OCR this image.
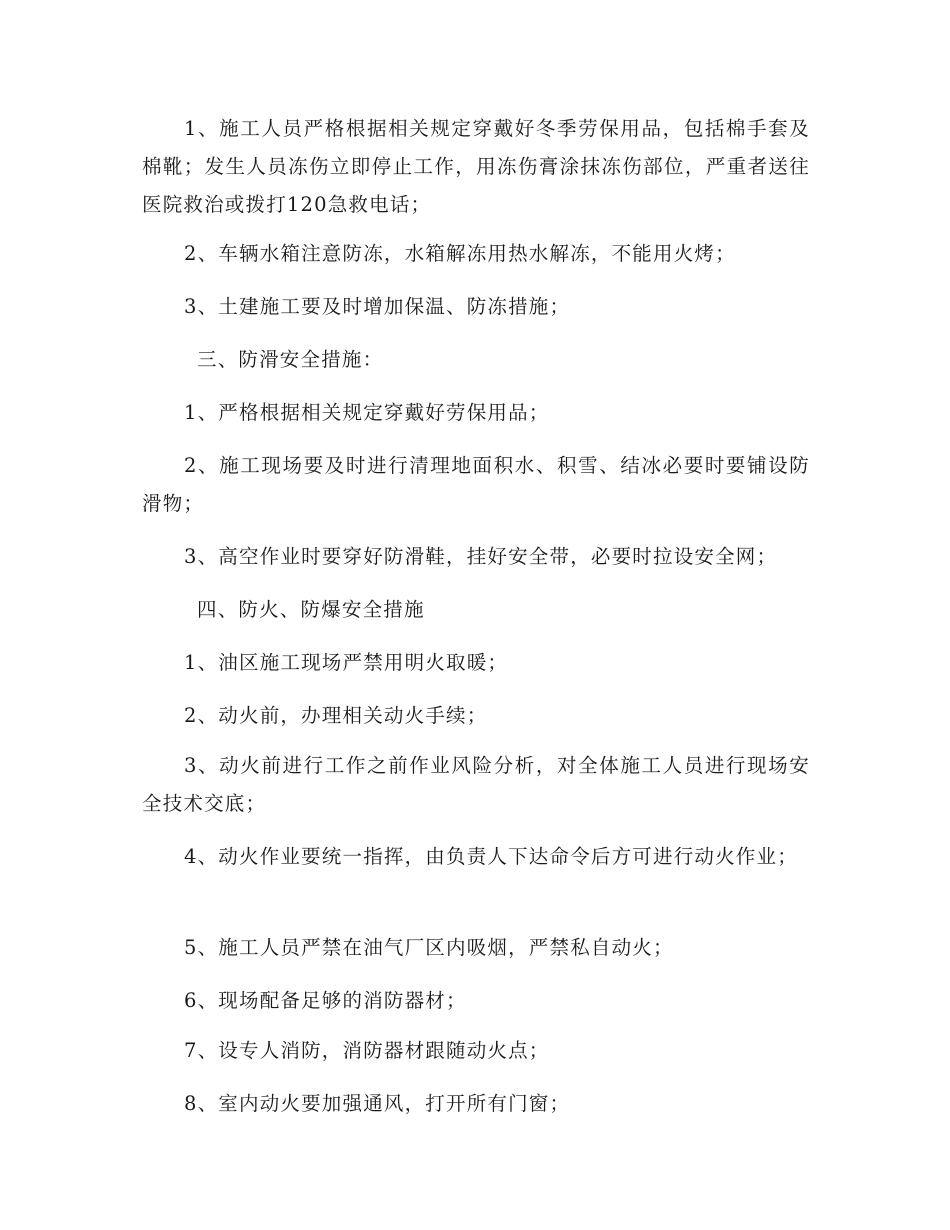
1、施工人员严格根据相关规定穿戴好冬季劳保用品，包括棉手套及棉靴；发生人员冻伤立即停止工作，用冻伤膏涂抹冻伤部位，严重者送往医院救治或拨打120急救电话；

2、车辆水箱注意防冻，水箱解冻用热水解冻，不能用火烤；

3、土建施工要及时增加保温、防冻措施；

三、防滑安全措施：

1、严格根据相关规定穿戴好劳保用品；

2、施工现场要及时进行清理地面积水、积雪、结冰必要时要铺设防滑物；

3、高空作业时要穿好防滑鞋，挂好安全带，必要时拉设安全网；

四、防火、防爆安全措施

1、油区施工现场严禁用明火取暖；

2、动火前，办理相关动火手续；

3、动火前进行工作之前作业风险分析，对全体施工人员进行现场安全技术交底；

4、动火作业要统一指挥，由负责人下达命令后方可进行动火作业；

5、施工人员严禁在油气厂区内吸烟，严禁私自动火；

6、现场配备足够的消防器材；

7、设专人消防，消防器材跟随动火点；

8、室内动火要加强通风，打开所有门窗；
